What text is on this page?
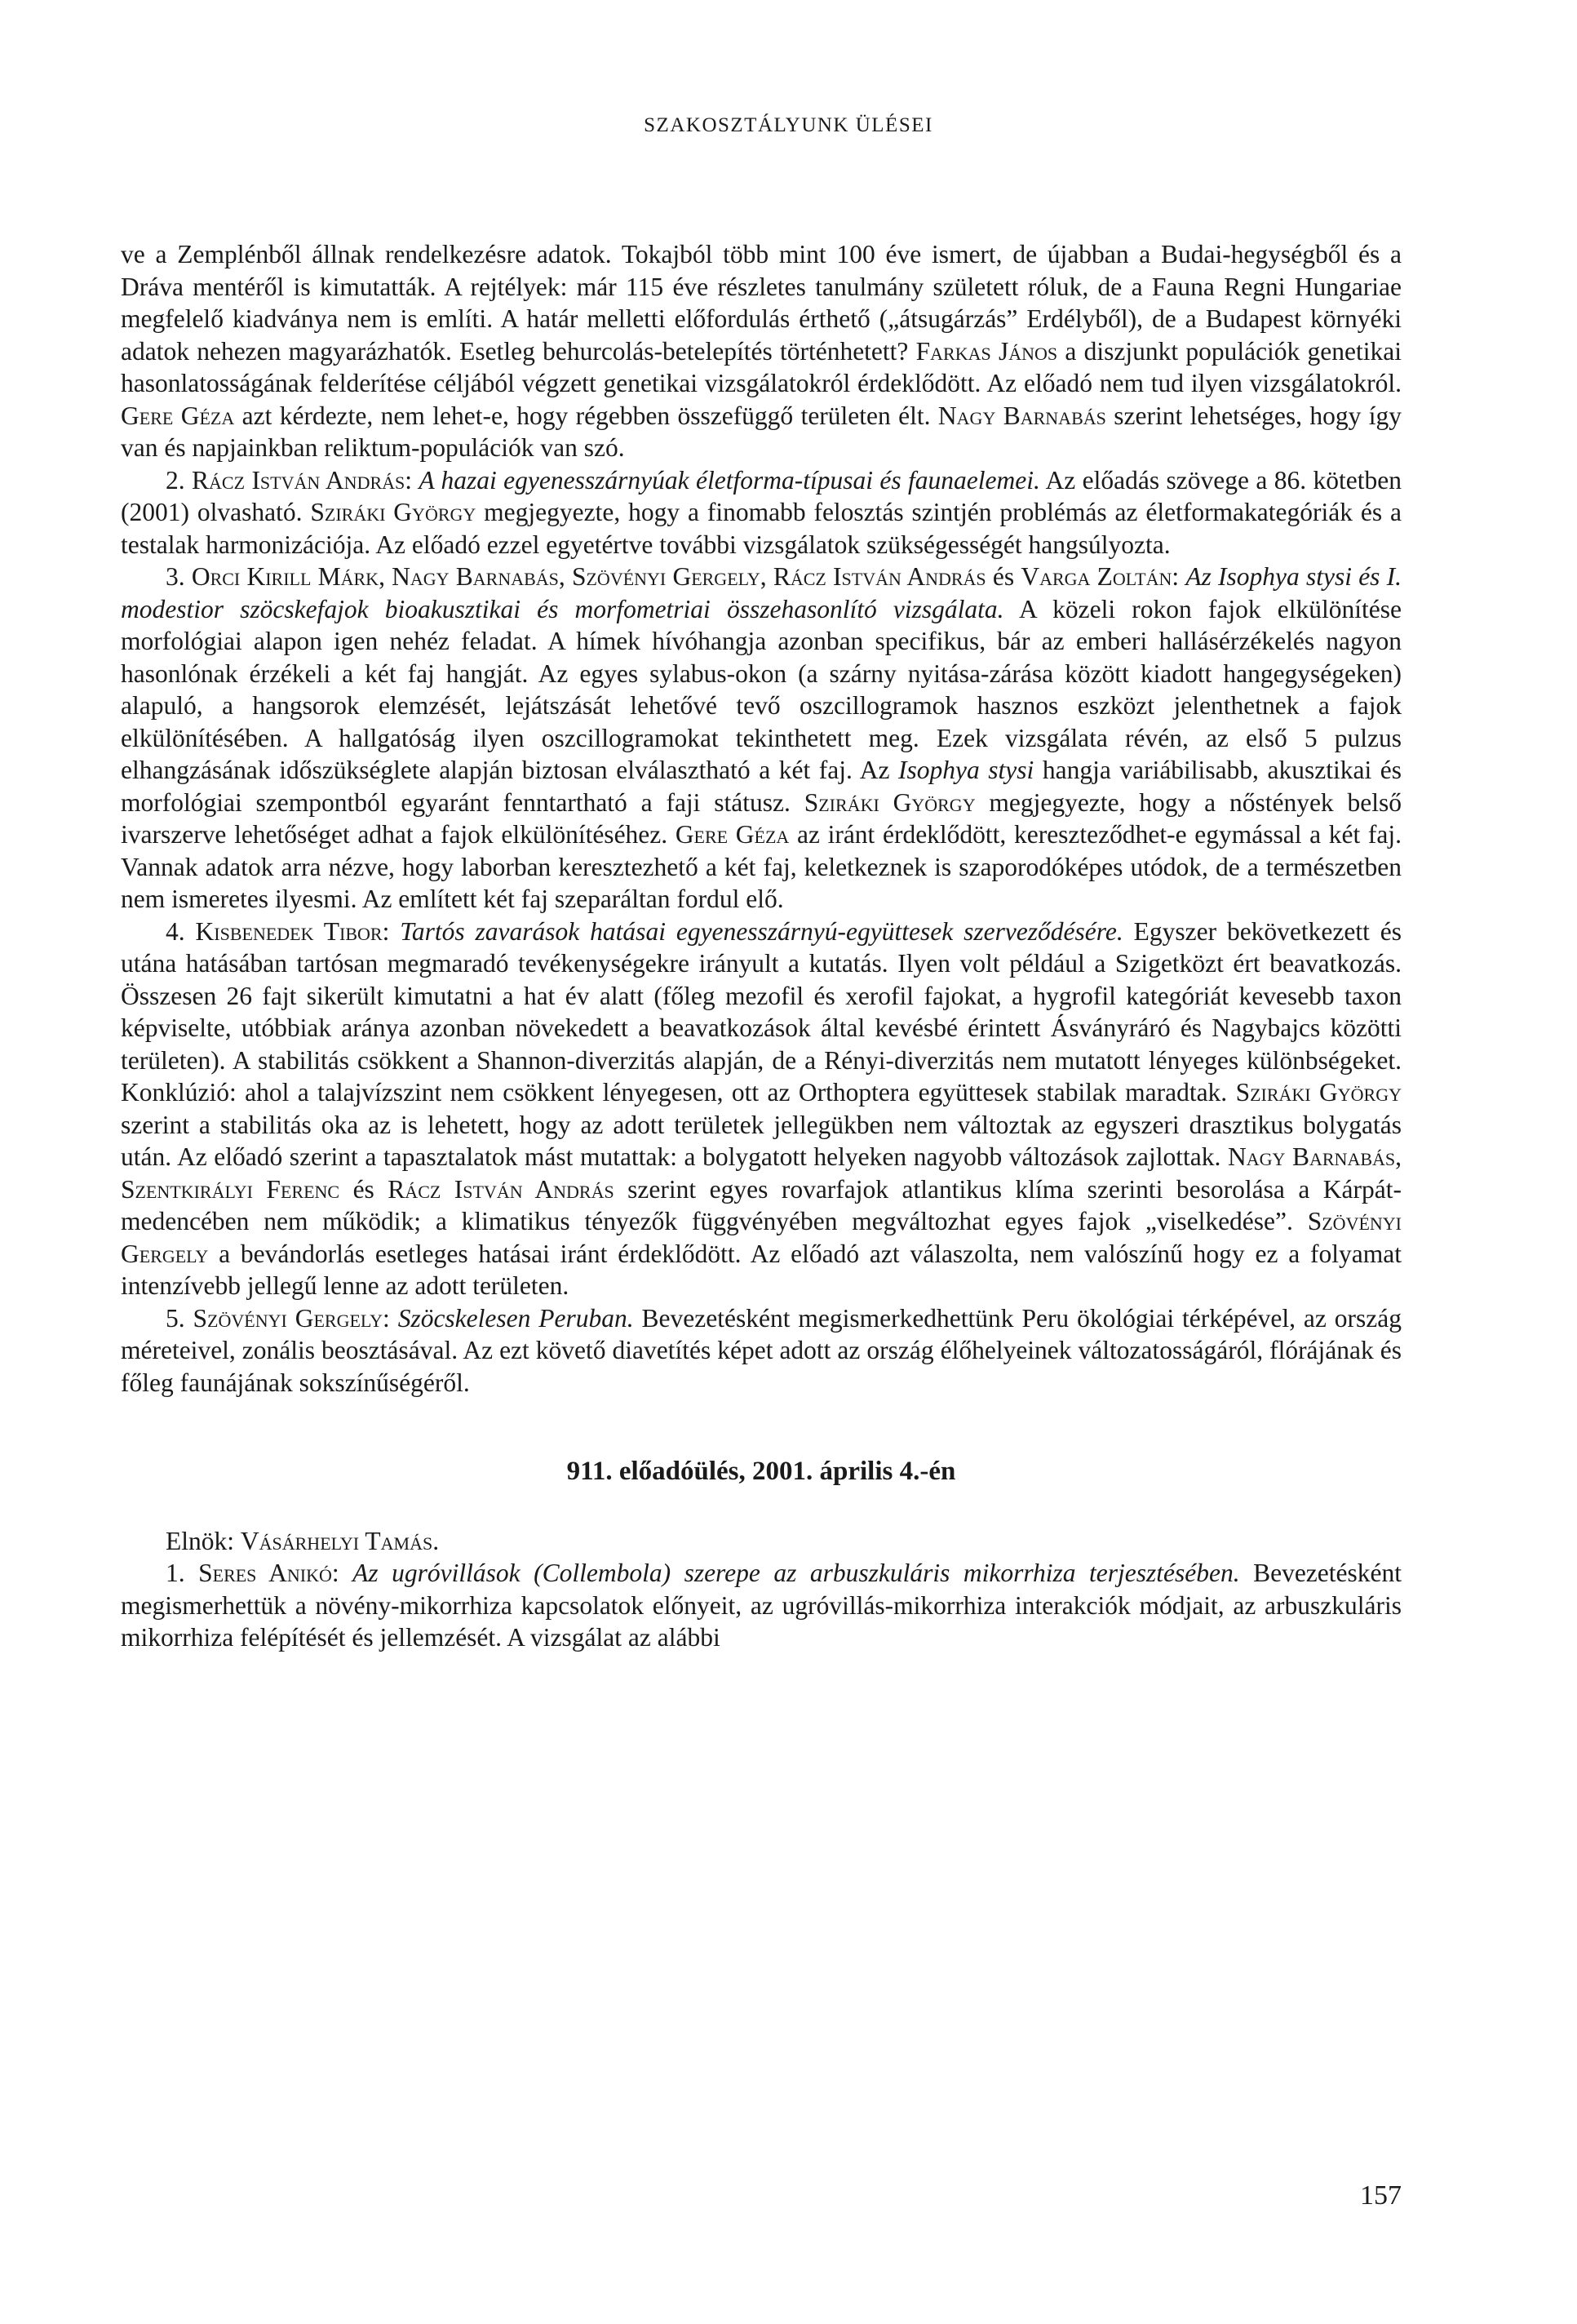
SZAKOSZTÁLYUNK ÜLÉSEI

ve a Zemplénből állnak rendelkezésre adatok. Tokajból több mint 100 éve ismert, de újabban a Budai-hegységből és a Dráva mentéről is kimutatták. A rejtélyek: már 115 éve részletes tanulmány született róluk, de a Fauna Regni Hungariae megfelelő kiadványa nem is említi. A határ melletti előfordulás érthető („átsugárzás” Erdélyből), de a Budapest környéki adatok nehezen magyarázhatók. Esetleg behurcolás-betelepítés történhetett? Farkas János a diszjunkt populációk genetikai hasonlatosságának felderítése céljából végzett genetikai vizsgálatokról érdeklődött. Az előadó nem tud ilyen vizsgálatokról. Gere Géza azt kérdezte, nem lehet-e, hogy régebben összefüggő területen élt. Nagy Barnabás szerint lehetséges, hogy így van és napjainkban reliktum-populációk van szó.

2. Rácz István András: A hazai egyenesszárnyúak életforma-típusai és faunaelemei. Az előadás szövege a 86. kötetben (2001) olvasható. Sziráki György megjegyezte, hogy a finomabb felosztás szintjén problémás az életformakategóriák és a testalak harmonizációja. Az előadó ezzel egyetértve további vizsgálatok szükségességét hangsúlyozta.

3. Orci Kirill Márk, Nagy Barnabás, Szövényi Gergely, Rácz István András és Varga Zoltán: Az Isophya stysi és I. modestior szöcskefajok bioakusztikai és morfometriai összehasonlító vizsgálata. A közeli rokon fajok elkülönítése morfológiai alapon igen nehéz feladat. A hímek hívóhangja azonban specifikus, bár az emberi hallásérzékelés nagyon hasonlónak érzékeli a két faj hangját. Az egyes sylabus-okon (a szárny nyitása-zárása között kiadott hangegységeken) alapuló, a hangsorok elemzését, lejátszását lehetővé tevő oszcillogramok hasznos eszközt jelenthetnek a fajok elkülönítésében. A hallgatóság ilyen oszcillogramokat tekinthetett meg. Ezek vizsgálata révén, az első 5 pulzus elhangzásának időszükséglete alapján biztosan elválasztható a két faj. Az Isophya stysi hangja variábilisabb, akusztikai és morfológiai szempontból egyaránt fenntartható a faji státusz. Sziráki György megjegyezte, hogy a nőstények belső ivarszerve lehetőséget adhat a fajok elkülönítéséhez. Gere Géza az iránt érdeklődött, kereszteződhet-e egymással a két faj. Vannak adatok arra nézve, hogy laborban keresztezhető a két faj, keletkeznek is szaporodóképes utódok, de a természetben nem ismeretes ilyesmi. Az említett két faj szeparáltan fordul elő.

4. Kisbenedek Tibor: Tartós zavarások hatásai egyenesszárnyú-együttesek szerveződésére. Egyszer bekövetkezett és utána hatásában tartósan megmaradó tevékenységekre irányult a kutatás. Ilyen volt például a Szigetközt ért beavatkozás. Összesen 26 fajt sikerült kimutatni a hat év alatt (főleg mezofil és xerofil fajokat, a hygrofil kategóriát kevesebb taxon képviselte, utóbbiak aránya azonban növekedett a beavatkozások által kevésbé érintett Ásványráró és Nagybajcs közötti területen). A stabilitás csökkent a Shannon-diverzitás alapján, de a Rényi-diverzitás nem mutatott lényeges különbségeket. Konklúzió: ahol a talajvízszint nem csökkent lényegesen, ott az Orthoptera együttesek stabilak maradtak. Sziráki György szerint a stabilitás oka az is lehetett, hogy az adott területek jellegükben nem változtak az egyszeri drasztikus bolygatás után. Az előadó szerint a tapasztalatok mást mutattak: a bolygatott helyeken nagyobb változások zajlottak. Nagy Barnabás, Szentkirályi Ferenc és Rácz István András szerint egyes rovarfajok atlantikus klíma szerinti besorolása a Kárpát-medencében nem működik; a klimatikus tényezők függvényében megváltozhat egyes fajok „viselkedése”. Szövényi Gergely a bevándorlás esetleges hatásai iránt érdeklődött. Az előadó azt válaszolta, nem valószínű hogy ez a folyamat intenzívebb jellegű lenne az adott területen.

5. Szövényi Gergely: Szöcskelesen Peruban. Bevezetésként megismerkedhettünk Peru ökológiai térképével, az ország méreteivel, zonális beosztásával. Az ezt követő diavetítés képet adott az ország élőhelyeinek változatosságáról, flórájának és főleg faunájának sokszínűségéről.

911. előadóülés, 2001. április 4.-én

Elnök: Vásárhelyi Tamás.

1. Seres Anikó: Az ugróvillások (Collembola) szerepe az arbuszkuláris mikorrhiza terjesztésében. Bevezetésként megismerhettük a növény-mikorrhiza kapcsolatok előnyeit, az ugróvillás-mikorrhiza interakciók módjait, az arbuszkuláris mikorrhiza felépítését és jellemzését. A vizsgálat az alábbi

157
